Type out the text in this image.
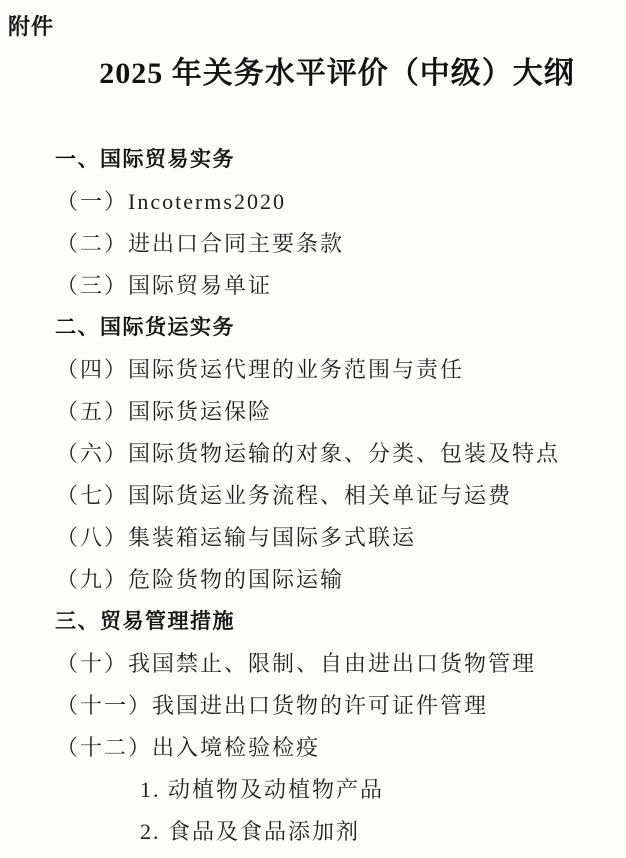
附件
2025 年关务水平评价（中级）大纲
一、国际贸易实务
（一）Incoterms2020
（二）进出口合同主要条款
（三）国际贸易单证
二、国际货运实务
（四）国际货运代理的业务范围与责任
（五）国际货运保险
（六）国际货物运输的对象、分类、包装及特点
（七）国际货运业务流程、相关单证与运费
（八）集装箱运输与国际多式联运
（九）危险货物的国际运输
三、贸易管理措施
（十）我国禁止、限制、自由进出口货物管理
（十一）我国进出口货物的许可证件管理
（十二）出入境检验检疫
1. 动植物及动植物产品
2. 食品及食品添加剂
